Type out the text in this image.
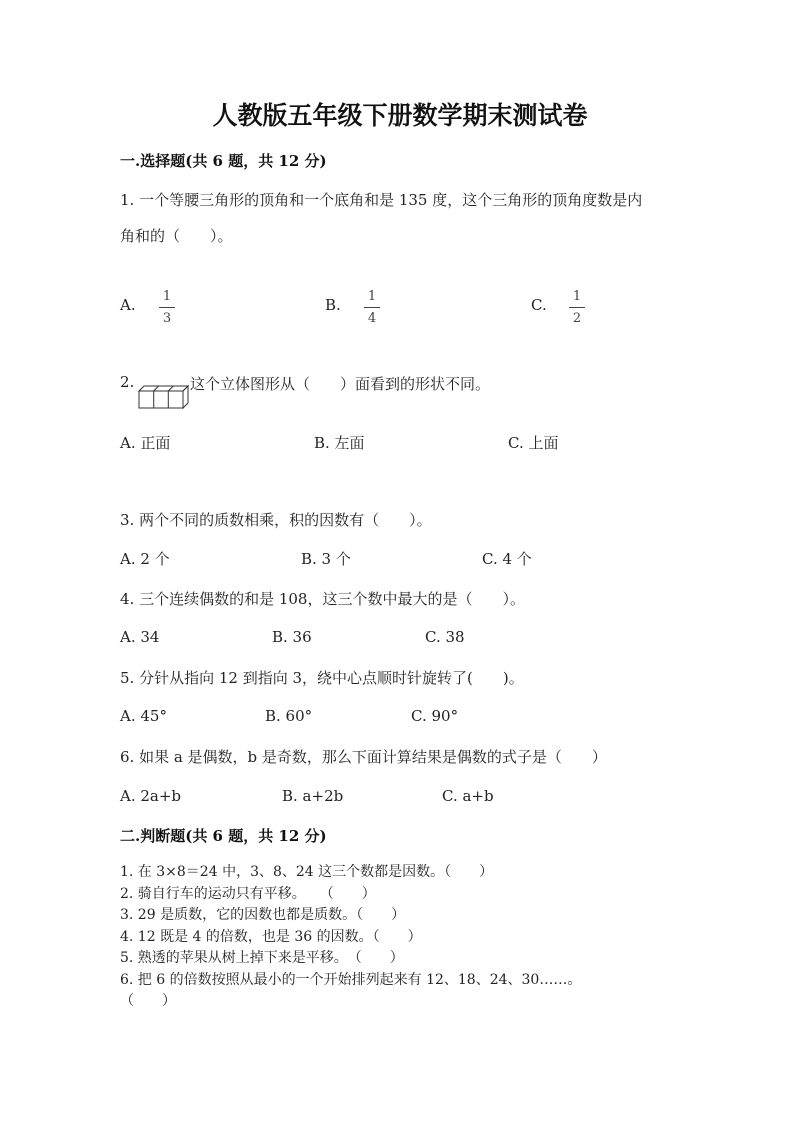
人教版五年级下册数学期末测试卷
一.选择题(共 6 题，共 12 分)
1. 一个等腰三角形的顶角和一个底角和是 135 度，这个三角形的顶角度数是内
角和的（　　）。
A.	1
3
B.	1
4
C.	1
2
2.	这个立体图形从（　　）面看到的形状不同。
A. 正面	B. 左面	C. 上面
3. 两个不同的质数相乘，积的因数有（　　）。
A. 2 个	B. 3 个	C. 4 个
4. 三个连续偶数的和是 108，这三个数中最大的是（　　）。
A. 34	B. 36	C. 38
5. 分针从指向 12 到指向 3，绕中心点顺时针旋转了(　　)。
A. 45°	B. 60°	C. 90°
6. 如果 a 是偶数，b 是奇数，那么下面计算结果是偶数的式子是（　　）
A. 2a+b	B. a+2b	C. a+b
二.判断题(共 6 题，共 12 分)
1. 在 3×8＝24 中，3、8、24 这三个数都是因数。（　　）
2. 骑自行车的运动只有平移。　　（　　）
3. 29 是质数，它的因数也都是质数。（　　）
4. 12 既是 4 的倍数，也是 36 的因数。（　　）
5. 熟透的苹果从树上掉下来是平移。　（　　）
6. 把 6 的倍数按照从最小的一个开始排列起来有 12、18、24、30……。
（　　）
